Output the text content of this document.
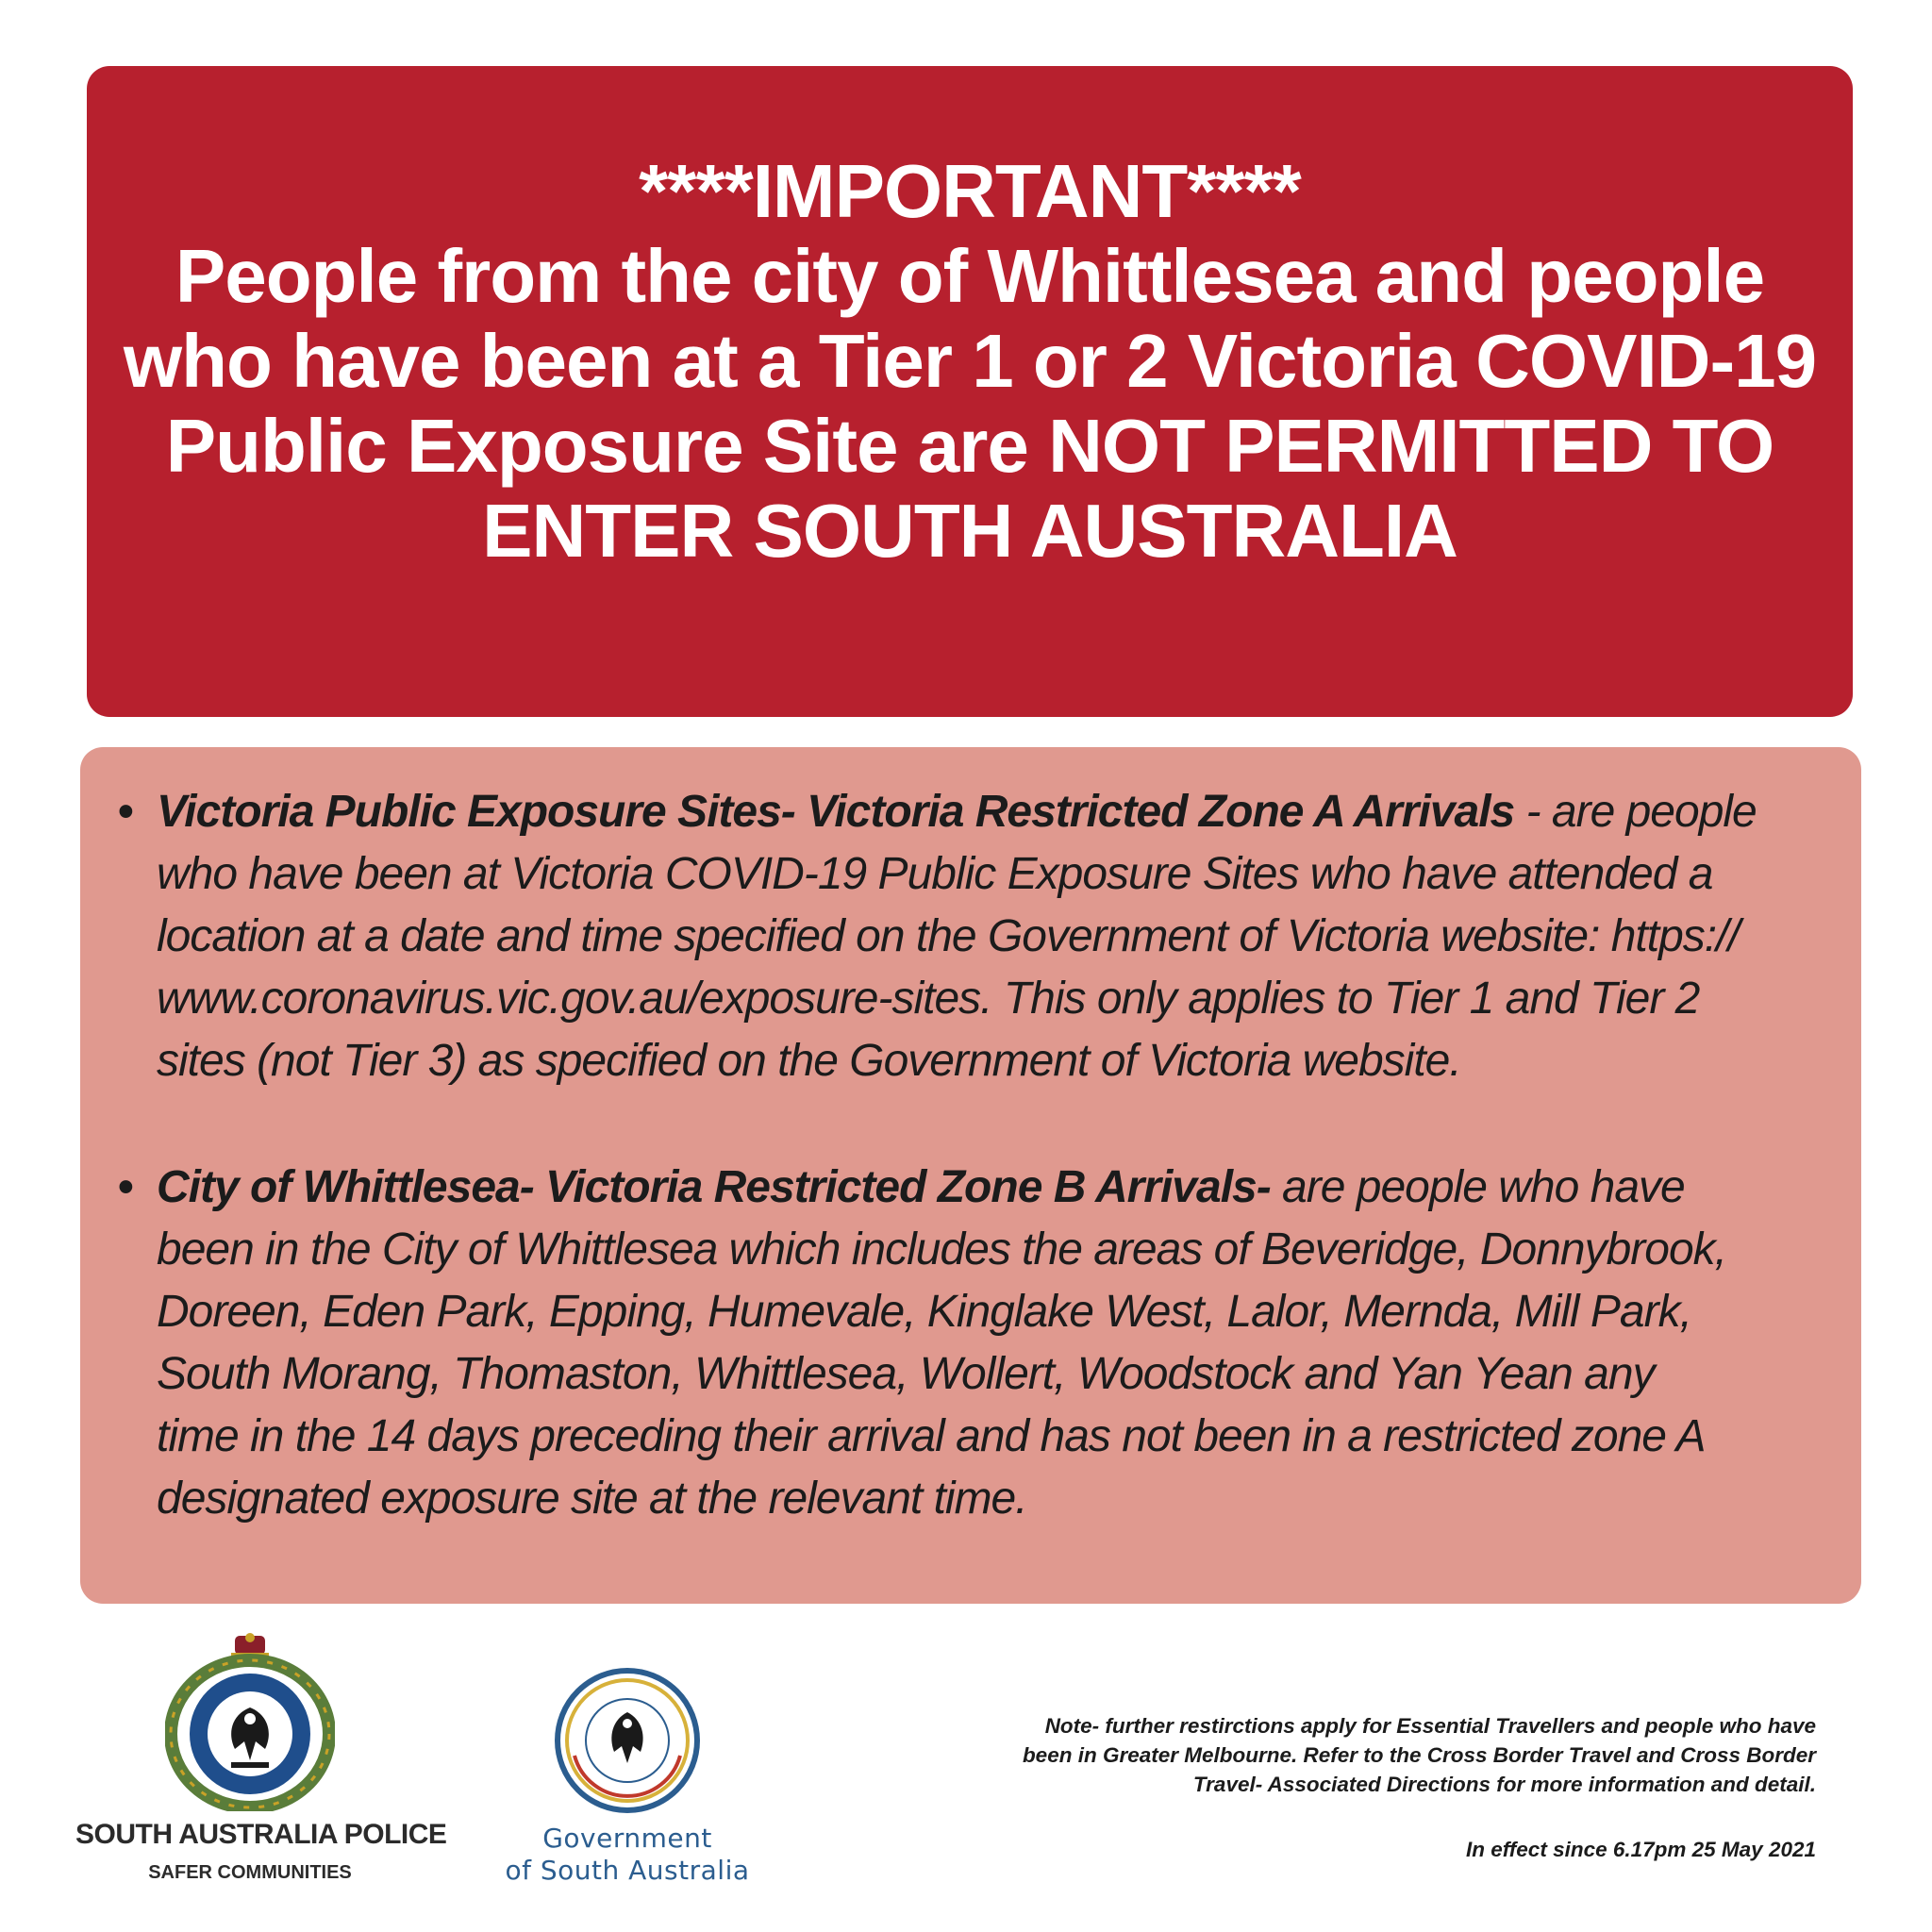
****IMPORTANT****
People from the city of Whittlesea and people
who have been at a Tier 1 or 2 Victoria COVID-19
Public Exposure Site are NOT PERMITTED TO
ENTER SOUTH AUSTRALIA
• Victoria Public Exposure Sites- Victoria Restricted Zone A Arrivals - are people
who have been at Victoria COVID-19 Public Exposure Sites who have attended a
location at a date and time specified on the Government of Victoria website: https://
www.coronavirus.vic.gov.au/exposure-sites. This only applies to Tier 1 and Tier 2
sites (not Tier 3) as specified on the Government of Victoria website.
• City of Whittlesea- Victoria Restricted Zone B Arrivals- are people who have
been in the City of Whittlesea which includes the areas of Beveridge, Donnybrook,
Doreen, Eden Park, Epping, Humevale, Kinglake West, Lalor, Mernda, Mill Park,
South Morang, Thomaston, Whittlesea, Wollert, Woodstock and Yan Yean any
time in the 14 days preceding their arrival and has not been in a restricted zone A
designated exposure site at the relevant time.
SOUTH AUSTRALIA POLICE
SAFER COMMUNITIES
Government
of South Australia
Note- further restirctions apply for Essential Travellers and people who have
been in Greater Melbourne. Refer to the Cross Border Travel and Cross Border
Travel- Associated Directions for more information and detail.
In effect since 6.17pm 25 May 2021
